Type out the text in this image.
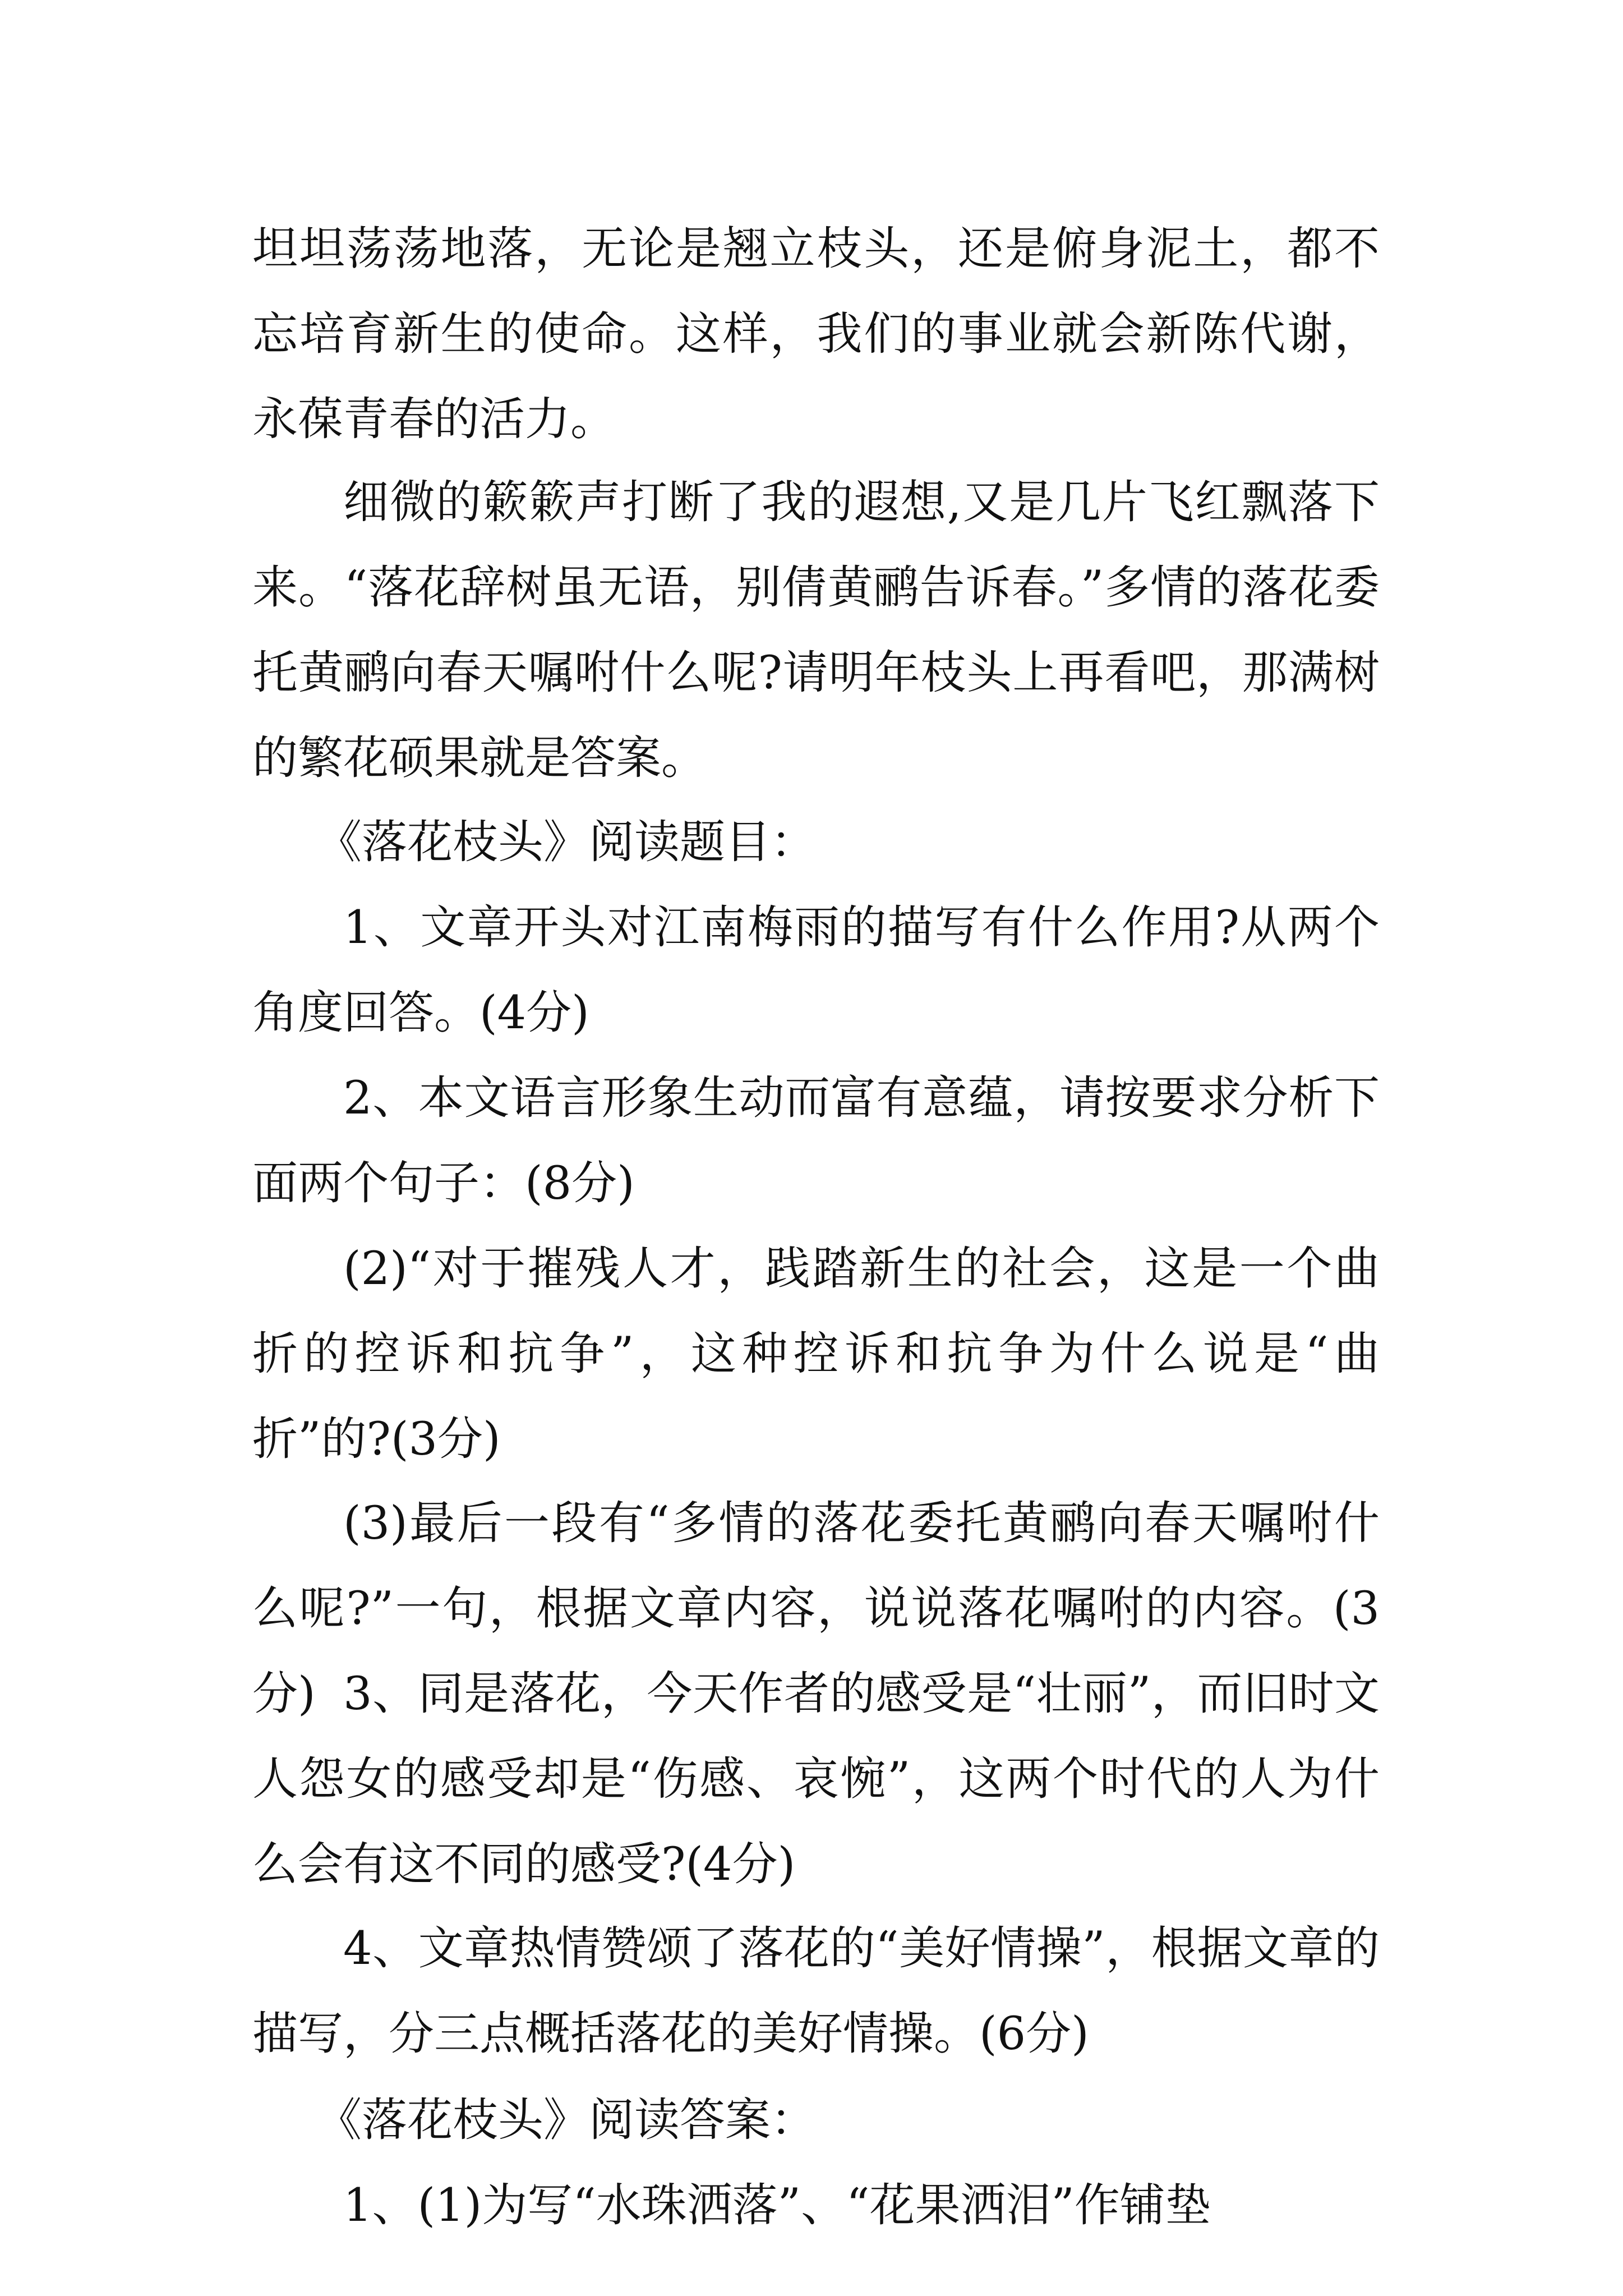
坦坦荡荡地落，无论是翘立枝头，还是俯身泥土，都不忘培育新生的使命。这样，我们的事业就会新陈代谢，永葆青春的活力。

细微的簌簌声打断了我的遐想,又是几片飞红飘落下来。“落花辞树虽无语，别倩黄鹂告诉春。”多情的落花委托黄鹂向春天嘱咐什么呢?请明年枝头上再看吧，那满树的繁花硕果就是答案。

《落花枝头》阅读题目：

1、文章开头对江南梅雨的描写有什么作用?从两个角度回答。(4分)

2、本文语言形象生动而富有意蕴，请按要求分析下面两个句子：(8分)

(2)“对于摧残人才，践踏新生的社会，这是一个曲折的控诉和抗争”，这种控诉和抗争为什么说是“曲折”的?(3分)

(3)最后一段有“多情的落花委托黄鹂向春天嘱咐什么呢?”一句，根据文章内容，说说落花嘱咐的内容。(3分) 3、同是落花，今天作者的感受是“壮丽”，而旧时文人怨女的感受却是“伤感、哀惋”，这两个时代的人为什么会有这不同的感受?(4分)

4、文章热情赞颂了落花的“美好情操”，根据文章的描写，分三点概括落花的美好情操。(6分)

《落花枝头》阅读答案：

1、(1)为写“水珠洒落”、“花果洒泪”作铺垫
